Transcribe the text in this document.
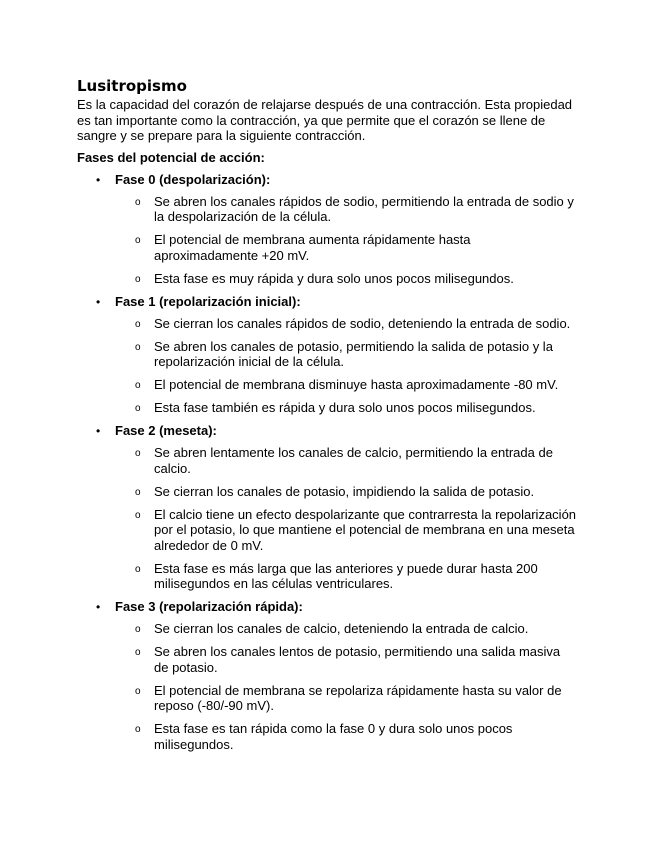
Lusitropismo

Es la capacidad del corazón de relajarse después de una contracción. Esta propiedad es tan importante como la contracción, ya que permite que el corazón se llene de sangre y se prepare para la siguiente contracción.

Fases del potencial de acción:
• Fase 0 (despolarización):
o Se abren los canales rápidos de sodio, permitiendo la entrada de sodio y la despolarización de la célula.
o El potencial de membrana aumenta rápidamente hasta aproximadamente +20 mV.
o Esta fase es muy rápida y dura solo unos pocos milisegundos.
• Fase 1 (repolarización inicial):
o Se cierran los canales rápidos de sodio, deteniendo la entrada de sodio.
o Se abren los canales de potasio, permitiendo la salida de potasio y la repolarización inicial de la célula.
o El potencial de membrana disminuye hasta aproximadamente -80 mV.
o Esta fase también es rápida y dura solo unos pocos milisegundos.
• Fase 2 (meseta):
o Se abren lentamente los canales de calcio, permitiendo la entrada de calcio.
o Se cierran los canales de potasio, impidiendo la salida de potasio.
o El calcio tiene un efecto despolarizante que contrarresta la repolarización por el potasio, lo que mantiene el potencial de membrana en una meseta alrededor de 0 mV.
o Esta fase es más larga que las anteriores y puede durar hasta 200 milisegundos en las células ventriculares.
• Fase 3 (repolarización rápida):
o Se cierran los canales de calcio, deteniendo la entrada de calcio.
o Se abren los canales lentos de potasio, permitiendo una salida masiva de potasio.
o El potencial de membrana se repolariza rápidamente hasta su valor de reposo (-80/-90 mV).
o Esta fase es tan rápida como la fase 0 y dura solo unos pocos milisegundos.
